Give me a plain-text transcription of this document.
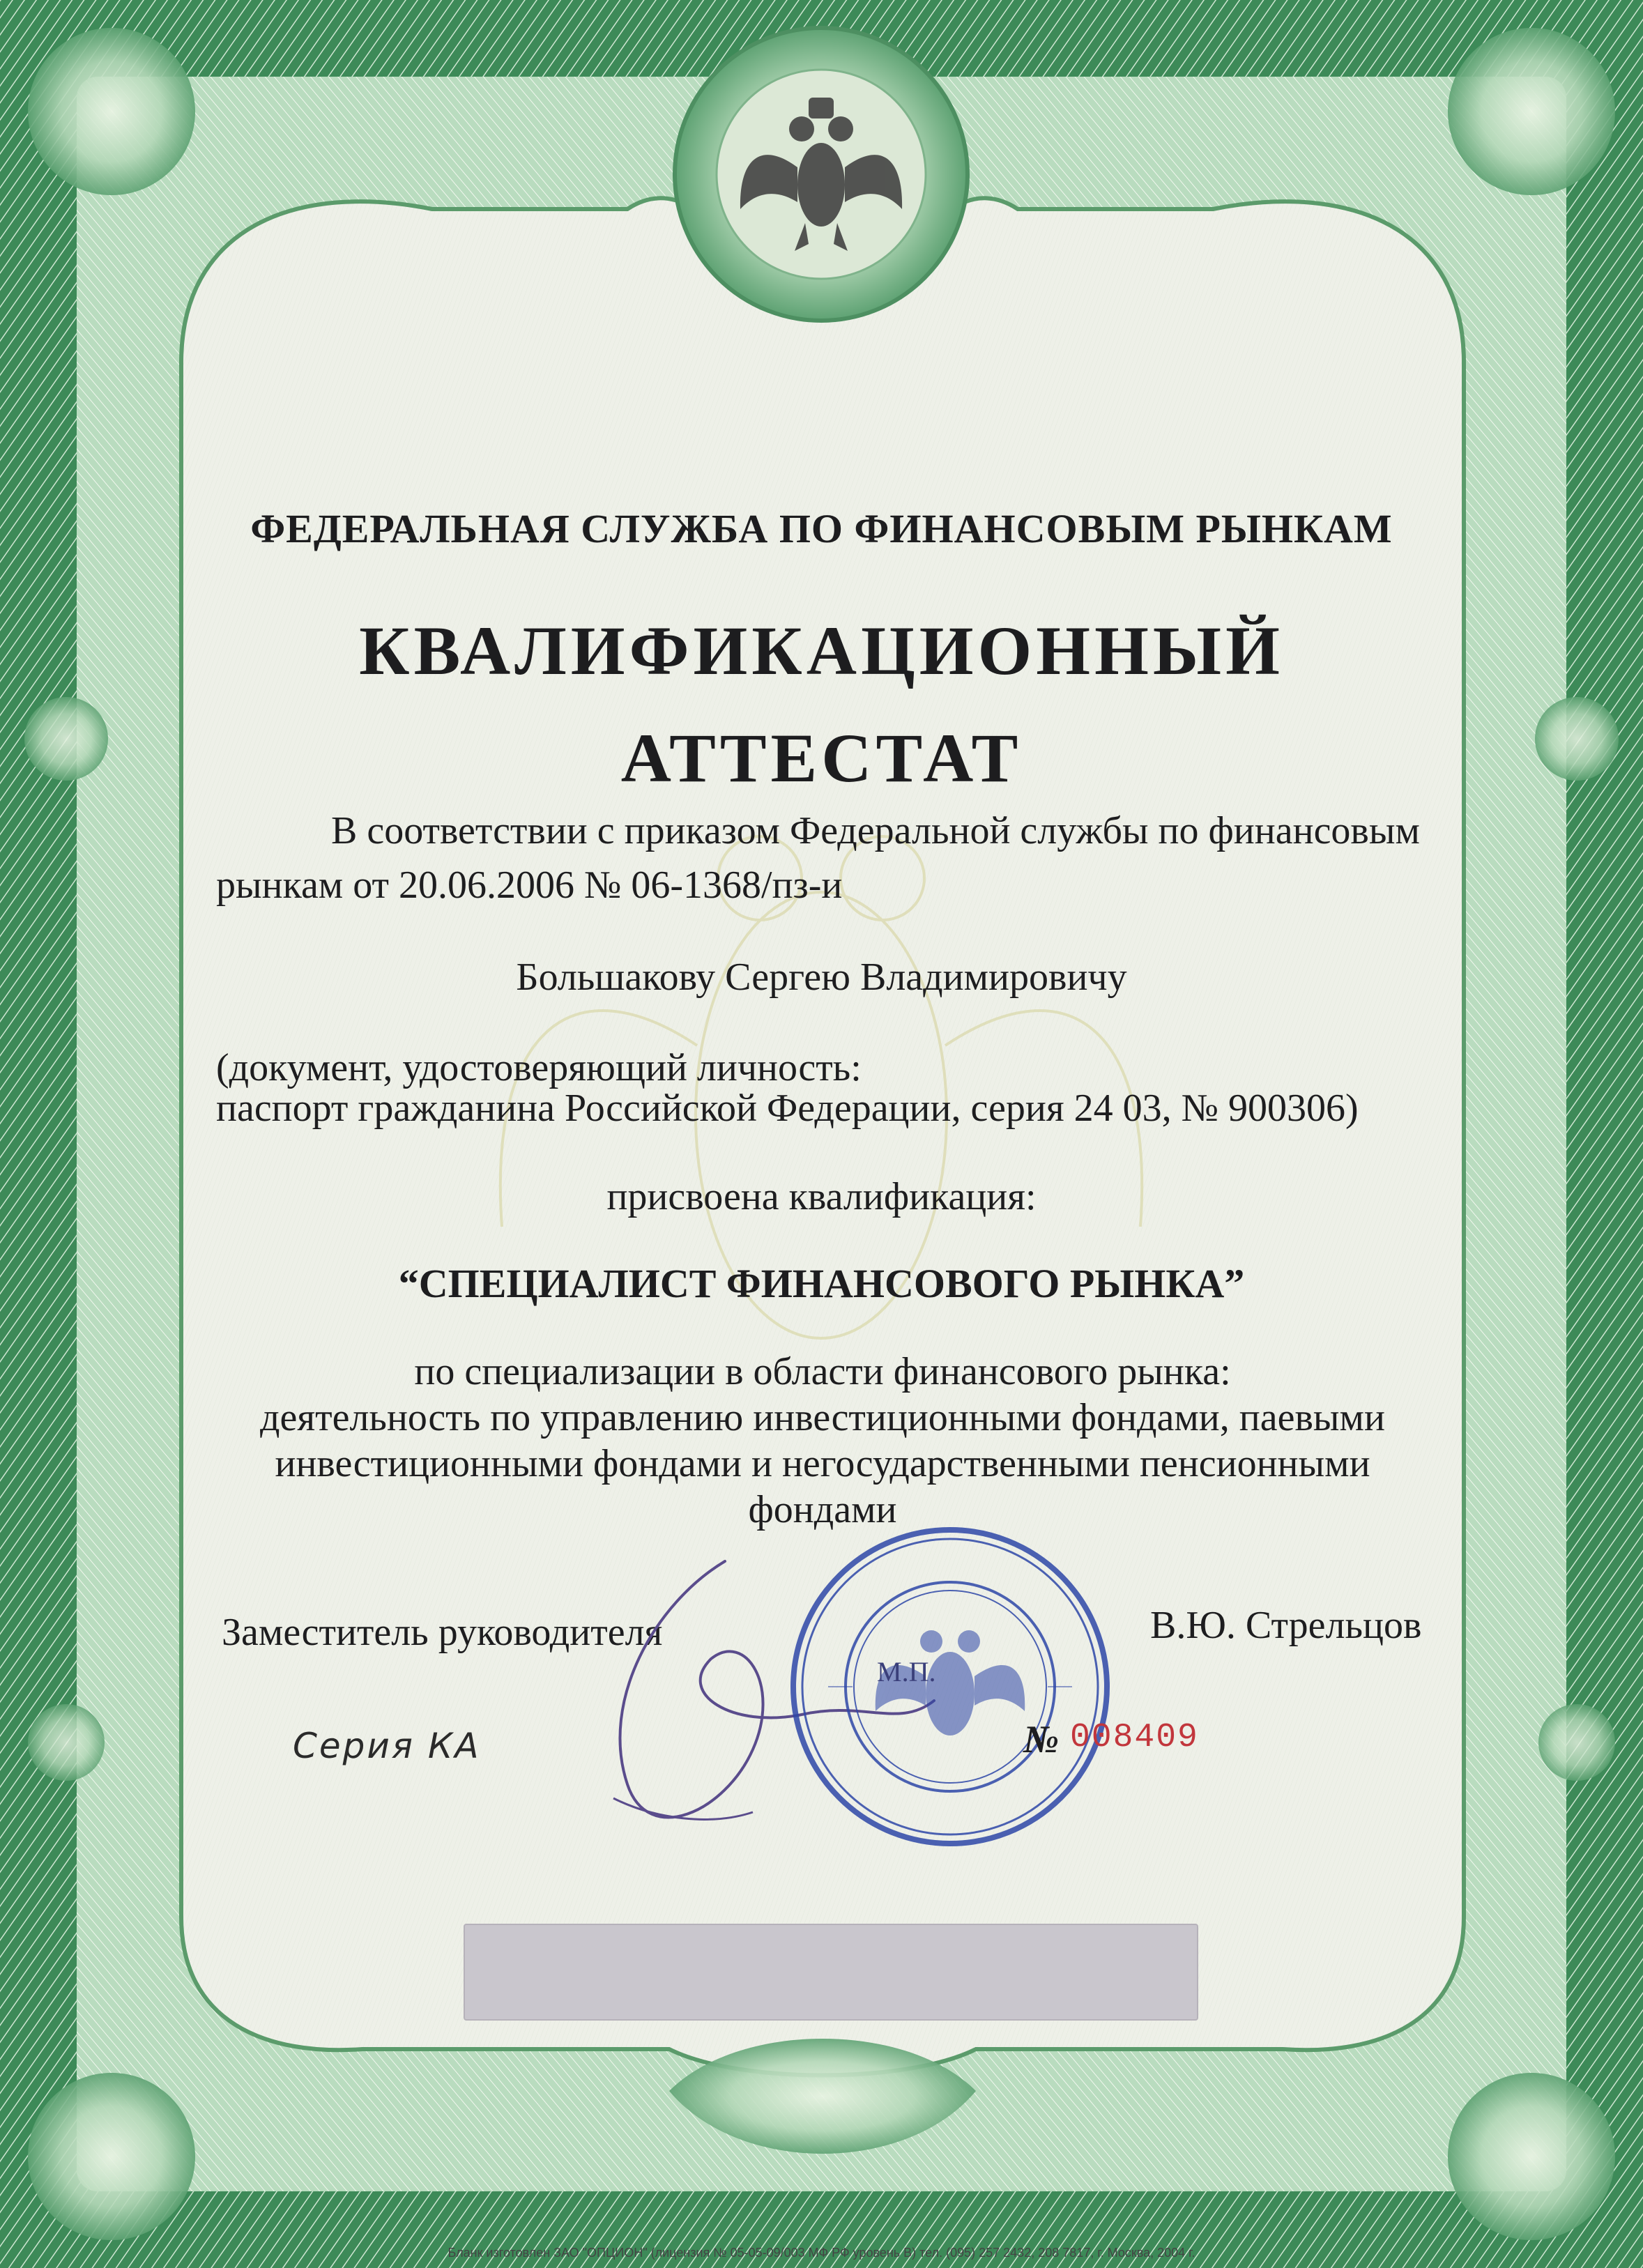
ФЕДЕРАЛЬНАЯ СЛУЖБА ПО ФИНАНСОВЫМ РЫНКАМ
КВАЛИФИКАЦИОННЫЙ
АТТЕСТАТ
В соответствии с приказом Федеральной службы по финансовым
рынкам от 20.06.2006 № 06-1368/пз-и
Большакову Сергею Владимировичу
(документ, удостоверяющий личность:
паспорт гражданина Российской Федерации, серия 24 03, № 900306)
присвоена квалификация:
“СПЕЦИАЛИСТ ФИНАНСОВОГО РЫНКА”
по специализации в области финансового рынка:
деятельность по управлению инвестиционными фондами, паевыми
инвестиционными фондами и негосударственными пенсионными
фондами
Заместитель руководителя	В.Ю. Стрельцов
М.П.
Серия КА	№ 008409
Бланк изготовлен ЗАО "ОПЦИОН" (лицензия № 05-05-09/003 МФ РФ уровень В) тел. (095) 257 2432, 208 7817, г. Москва, 2004 г.
